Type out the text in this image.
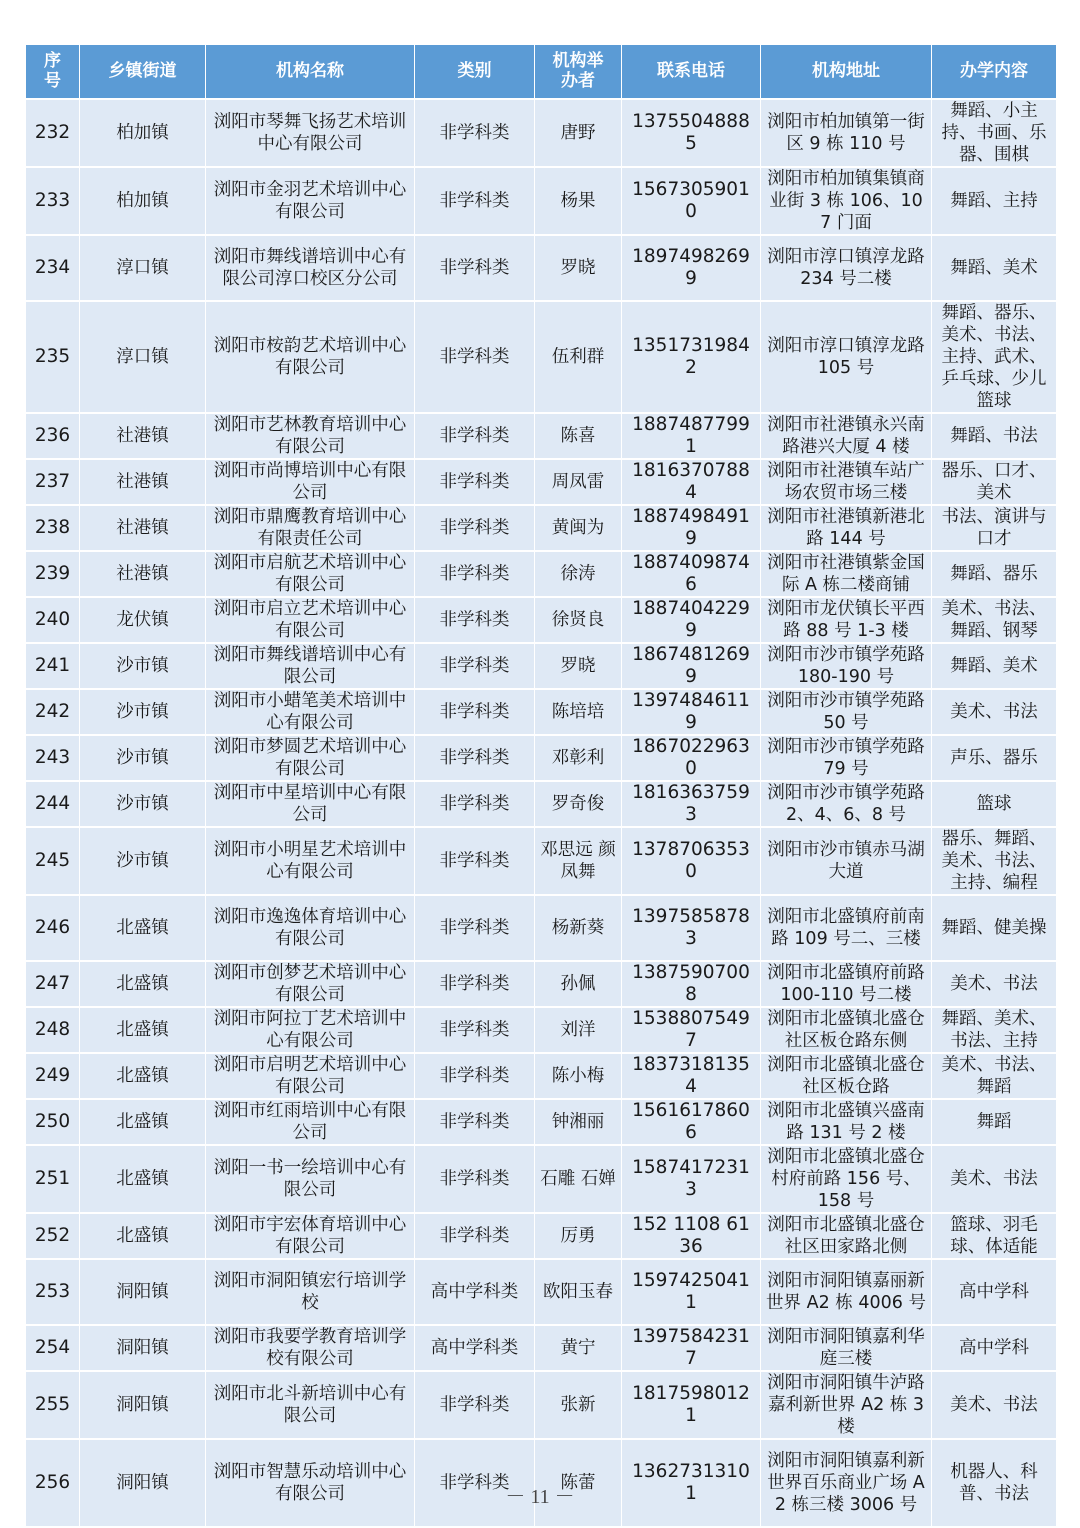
序号	乡镇街道	机构名称	类别	机构举办者	联系电话	机构地址	办学内容
232	柏加镇	浏阳市琴舞飞扬艺术培训中心有限公司	非学科类	唐野	13755048885	浏阳市柏加镇第一街区 9 栋 110 号	舞蹈、小主持、书画、乐器、围棋
233	柏加镇	浏阳市金羽艺术培训中心有限公司	非学科类	杨果	15673059010	浏阳市柏加镇集镇商业街 3 栋 106、107 门面	舞蹈、主持
234	淳口镇	浏阳市舞线谱培训中心有限公司淳口校区分公司	非学科类	罗晓	18974982699	浏阳市淳口镇淳龙路 234 号二楼	舞蹈、美术
235	淳口镇	浏阳市桉韵艺术培训中心有限公司	非学科类	伍利群	13517319842	浏阳市淳口镇淳龙路 105 号	舞蹈、器乐、美术、书法、主持、武术、乒乓球、少儿篮球
236	社港镇	浏阳市艺林教育培训中心有限公司	非学科类	陈喜	18874877991	浏阳市社港镇永兴南路港兴大厦 4 楼	舞蹈、书法
237	社港镇	浏阳市尚博培训中心有限公司	非学科类	周凤雷	18163707884	浏阳市社港镇车站广场农贸市场三楼	器乐、口才、美术
238	社港镇	浏阳市鼎鹰教育培训中心有限责任公司	非学科类	黄闽为	18874984919	浏阳市社港镇新港北路 144 号	书法、演讲与口才
239	社港镇	浏阳市启航艺术培训中心有限公司	非学科类	徐涛	18874098746	浏阳市社港镇紫金国际 A 栋二楼商铺	舞蹈、器乐
240	龙伏镇	浏阳市启立艺术培训中心有限公司	非学科类	徐贤良	18874042299	浏阳市龙伏镇长平西路 88 号 1-3 楼	美术、书法、舞蹈、钢琴
241	沙市镇	浏阳市舞线谱培训中心有限公司	非学科类	罗晓	18674812699	浏阳市沙市镇学苑路 180-190 号	舞蹈、美术
242	沙市镇	浏阳市小蜡笔美术培训中心有限公司	非学科类	陈培培	13974846119	浏阳市沙市镇学苑路 50 号	美术、书法
243	沙市镇	浏阳市梦圆艺术培训中心有限公司	非学科类	邓彰利	18670229630	浏阳市沙市镇学苑路 79 号	声乐、器乐
244	沙市镇	浏阳市中星培训中心有限公司	非学科类	罗奇俊	18163637593	浏阳市沙市镇学苑路 2、4、6、8 号	篮球
245	沙市镇	浏阳市小明星艺术培训中心有限公司	非学科类	邓思远 颜凤舞	13787063530	浏阳市沙市镇赤马湖大道	器乐、舞蹈、美术、书法、主持、编程
246	北盛镇	浏阳市逸逸体育培训中心有限公司	非学科类	杨新葵	13975858783	浏阳市北盛镇府前南路 109 号二、三楼	舞蹈、健美操
247	北盛镇	浏阳市创梦艺术培训中心有限公司	非学科类	孙佩	13875907008	浏阳市北盛镇府前路 100-110 号二楼	美术、书法
248	北盛镇	浏阳市阿拉丁艺术培训中心有限公司	非学科类	刘洋	15388075497	浏阳市北盛镇北盛仓社区板仓路东侧	舞蹈、美术、书法、主持
249	北盛镇	浏阳市启明艺术培训中心有限公司	非学科类	陈小梅	18373181354	浏阳市北盛镇北盛仓社区板仓路	美术、书法、舞蹈
250	北盛镇	浏阳市红雨培训中心有限公司	非学科类	钟湘丽	15616178606	浏阳市北盛镇兴盛南路 131 号 2 楼	舞蹈
251	北盛镇	浏阳一书一绘培训中心有限公司	非学科类	石雕 石婵	15874172313	浏阳市北盛镇北盛仓村府前路 156 号、158 号	美术、书法
252	北盛镇	浏阳市宇宏体育培训中心有限公司	非学科类	厉勇	152 1108 6136	浏阳市北盛镇北盛仓社区田家路北侧	篮球、羽毛球、体适能
253	洞阳镇	浏阳市洞阳镇宏行培训学校	高中学科类	欧阳玉春	15974250411	浏阳市洞阳镇嘉丽新世界 A2 栋 4006 号	高中学科
254	洞阳镇	浏阳市我要学教育培训学校有限公司	高中学科类	黄宁	13975842317	浏阳市洞阳镇嘉利华庭三楼	高中学科
255	洞阳镇	浏阳市北斗新培训中心有限公司	非学科类	张新	18175980121	浏阳市洞阳镇牛泸路嘉利新世界 A2 栋 3 楼	美术、书法
256	洞阳镇	浏阳市智慧乐动培训中心有限公司	非学科类	陈蕾	13627313101	浏阳市洞阳镇嘉利新世界百乐商业广场 A2 栋三楼 3006 号	机器人、科普、书法
－ 11 －
